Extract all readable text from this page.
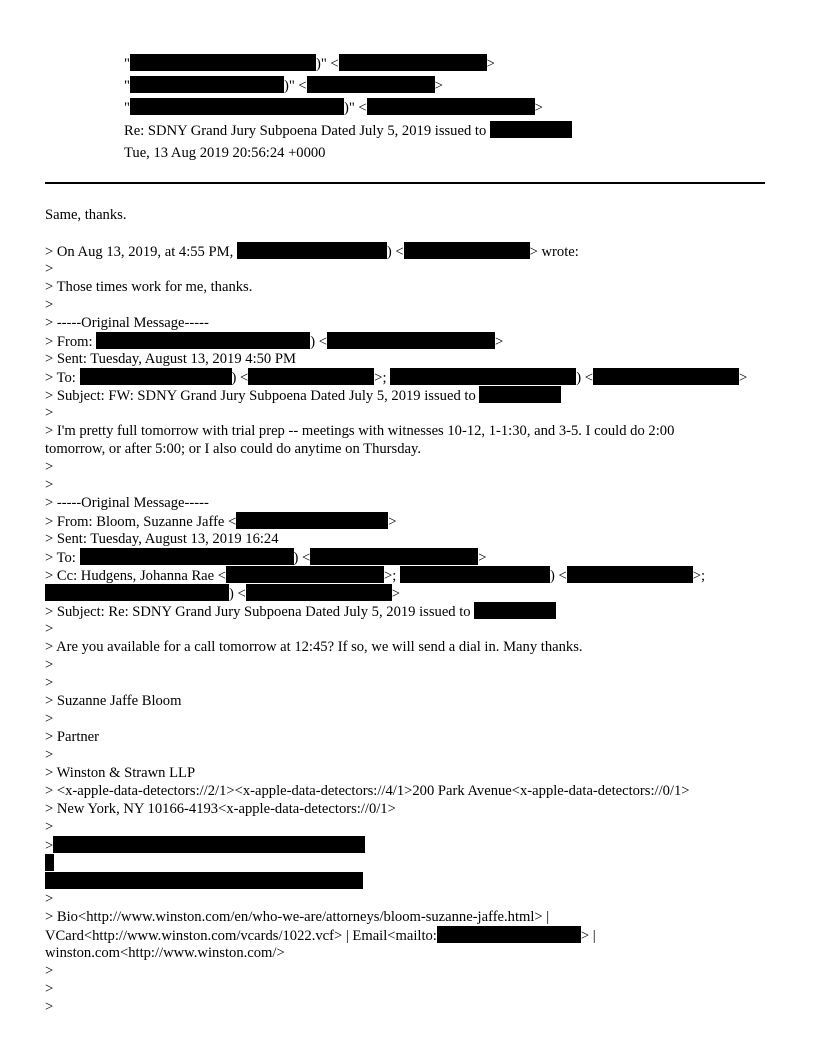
"	)" <	>
"	)" <	>
"	)" <	>
Re: SDNY Grand Jury Subpoena Dated July 5, 2019 issued to
Tue, 13 Aug 2019 20:56:24 +0000
Same, thanks.
> On Aug 13, 2019, at 4:55 PM,	) <	> wrote:
>
> Those times work for me, thanks.
>
> -----Original Message-----
> From:	) <	>
> Sent: Tuesday, August 13, 2019 4:50 PM
> To:	) <	>;	) <	>
> Subject: FW: SDNY Grand Jury Subpoena Dated July 5, 2019 issued to
>
> I'm pretty full tomorrow with trial prep -- meetings with witnesses 10-12, 1-1:30, and 3-5. I could do 2:00
tomorrow, or after 5:00; or I also could do anytime on Thursday.
>
>
> -----Original Message-----
> From: Bloom, Suzanne Jaffe <	>
> Sent: Tuesday, August 13, 2019 16:24
> To:	) <	>
> Cc: Hudgens, Johanna Rae <	>;	) <	>;
) <	>
> Subject: Re: SDNY Grand Jury Subpoena Dated July 5, 2019 issued to
>
> Are you available for a call tomorrow at 12:45? If so, we will send a dial in. Many thanks.
>
>
> Suzanne Jaffe Bloom
>
> Partner
>
> Winston & Strawn LLP
> <x-apple-data-detectors://2/1><x-apple-data-detectors://4/1>200 Park Avenue<x-apple-data-detectors://0/1>
> New York, NY 10166-4193<x-apple-data-detectors://0/1>
>
>
>
> Bio<http://www.winston.com/en/who-we-are/attorneys/bloom-suzanne-jaffe.html> |
VCard<http://www.winston.com/vcards/1022.vcf> | Email<mailto:	> |
winston.com<http://www.winston.com/>
>
>
>
